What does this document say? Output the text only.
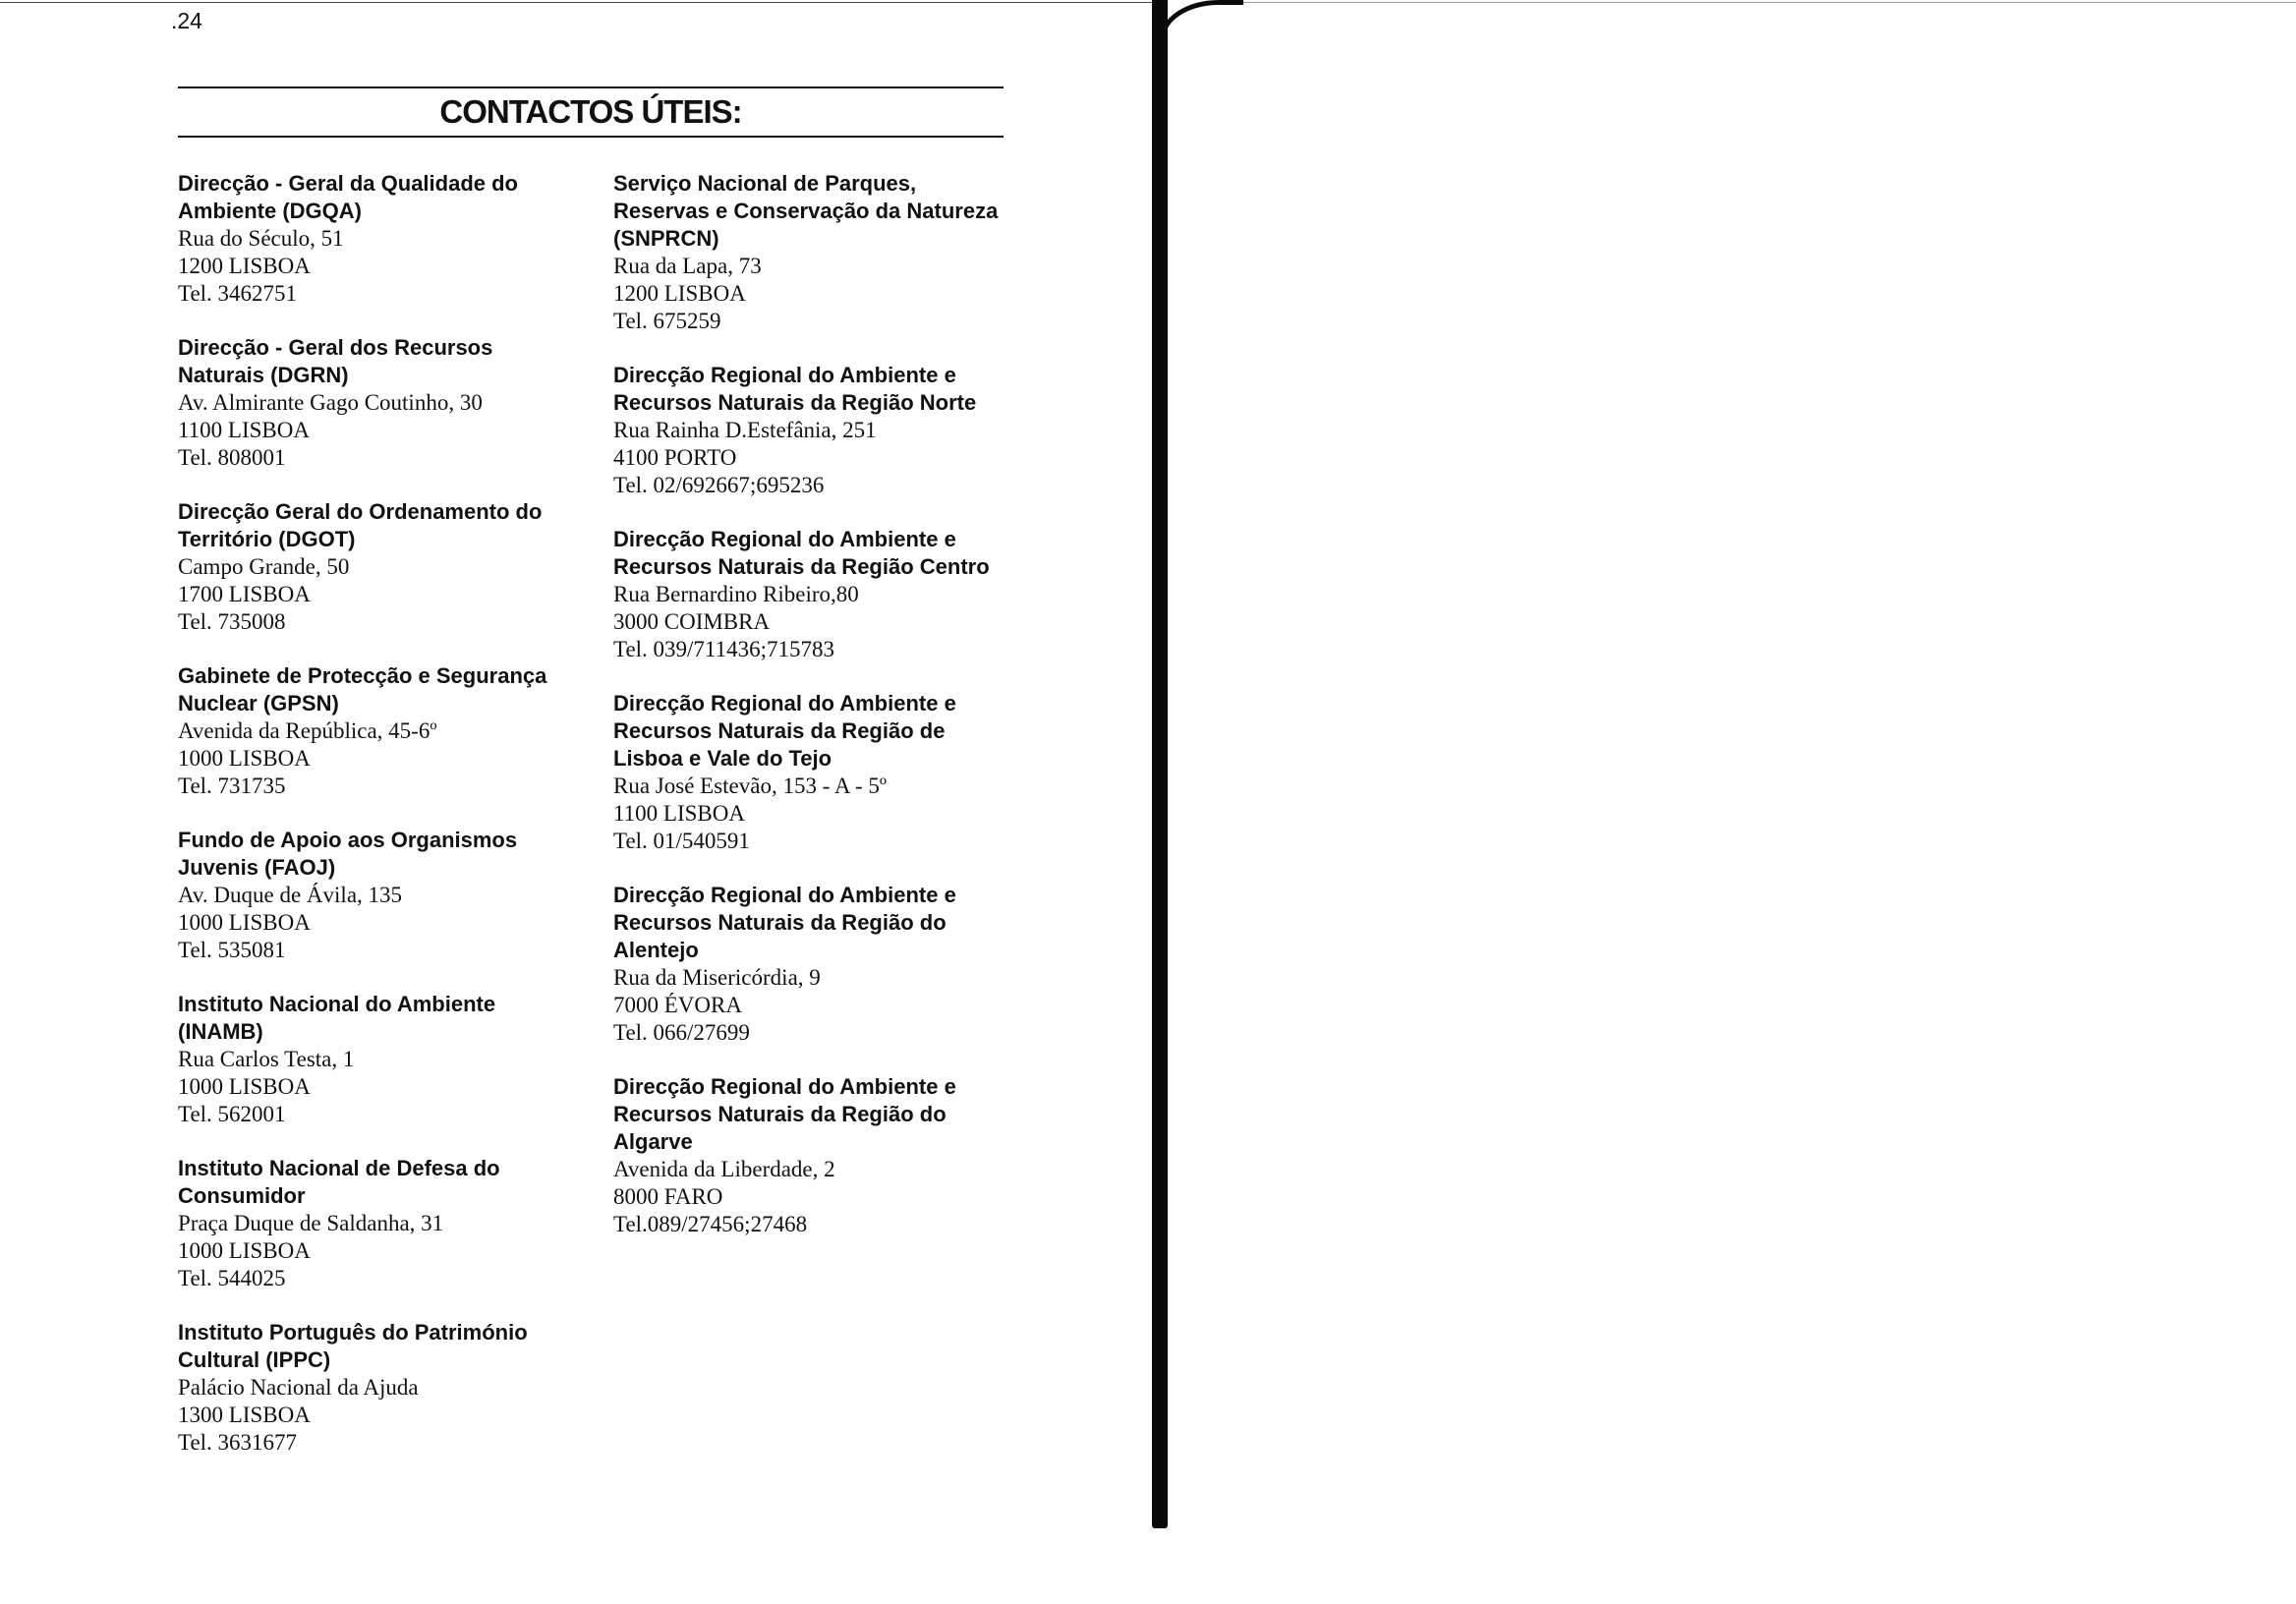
.24
CONTACTOS ÚTEIS:
Direcção - Geral da Qualidade do Ambiente (DGQA)
Rua do Século, 51
1200 LISBOA
Tel. 3462751
Direcção - Geral dos Recursos Naturais (DGRN)
Av. Almirante Gago Coutinho, 30
1100 LISBOA
Tel. 808001
Direcção Geral do Ordenamento do Território (DGOT)
Campo Grande, 50
1700 LISBOA
Tel. 735008
Gabinete de Protecção e Segurança Nuclear (GPSN)
Avenida da República, 45-6º
1000 LISBOA
Tel. 731735
Fundo de Apoio aos Organismos Juvenis (FAOJ)
Av. Duque de Ávila, 135
1000 LISBOA
Tel. 535081
Instituto Nacional do Ambiente (INAMB)
Rua Carlos Testa, 1
1000 LISBOA
Tel. 562001
Instituto Nacional de Defesa do Consumidor
Praça Duque de Saldanha, 31
1000 LISBOA
Tel. 544025
Instituto Português do Património Cultural (IPPC)
Palácio Nacional da Ajuda
1300 LISBOA
Tel. 3631677
Serviço Nacional de Parques, Reservas e Conservação da Natureza (SNPRCN)
Rua da Lapa, 73
1200 LISBOA
Tel. 675259
Direcção Regional do Ambiente e Recursos Naturais da Região Norte
Rua Rainha D.Estefânia, 251
4100 PORTO
Tel. 02/692667;695236
Direcção Regional do Ambiente e Recursos Naturais da Região Centro
Rua Bernardino Ribeiro,80
3000 COIMBRA
Tel. 039/711436;715783
Direcção Regional do Ambiente e Recursos Naturais da Região de Lisboa e Vale do Tejo
Rua José Estevão, 153 - A - 5º
1100 LISBOA
Tel. 01/540591
Direcção Regional do Ambiente e Recursos Naturais da Região do Alentejo
Rua da Misericórdia, 9
7000 ÉVORA
Tel. 066/27699
Direcção Regional do Ambiente e Recursos Naturais da Região do Algarve
Avenida da Liberdade, 2
8000 FARO
Tel.089/27456;27468
